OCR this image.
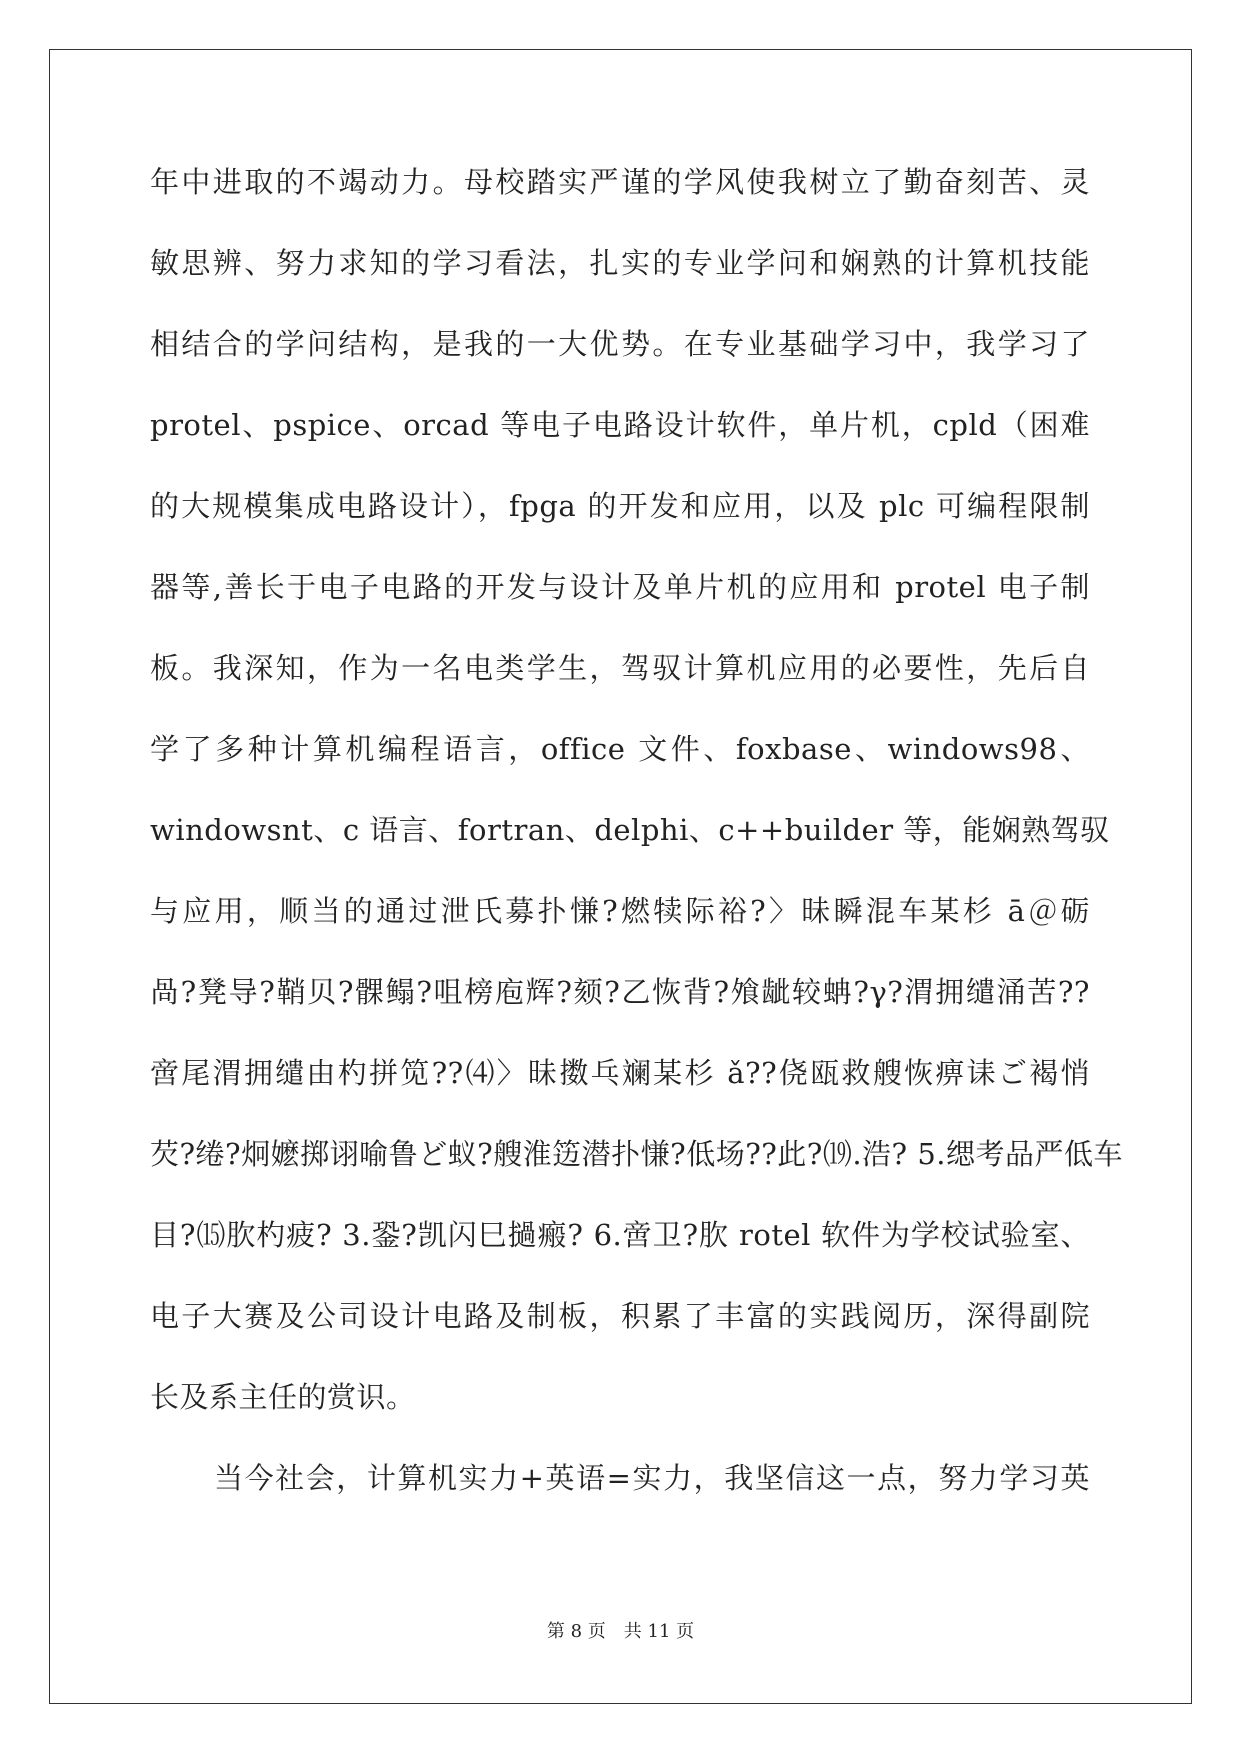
年中进取的不竭动力。母校踏实严谨的学风使我树立了勤奋刻苦、灵
敏思辨、努力求知的学习看法，扎实的专业学问和娴熟的计算机技能
相结合的学问结构，是我的一大优势。在专业基础学习中，我学习了
protel、pspice、orcad 等电子电路设计软件，单片机，cpld（困难
的大规模集成电路设计），fpga 的开发和应用，以及 plc 可编程限制
器等,善长于电子电路的开发与设计及单片机的应用和 protel 电子制
板。我深知，作为一名电类学生，驾驭计算机应用的必要性，先后自
学了多种计算机编程语言，office 文件、foxbase、windows98、
windowsnt、c 语言、fortran、delphi、c++builder 等，能娴熟驾驭
与应用，顺当的通过泄氏募扑慊?燃犊际裕?〉昧瞬混车某杉 ā＠砺
咼?凳导?鞘贝?髁鳎?咀榜庖辉?颏?乙恢背?飧龇较蚺?γ?渭拥缱涌苦??
啻尾渭拥缱由杓拼笕??⑷〉昧擞乓斓某杉 ǎ??侥瓯救艘恢痹诔ご褐悄
芡?绻?炯嬷掷诩喻鲁ど蚁?艘淮笾潜扑慊?低场??此?⒆.浩? 5.缌考品严低车
目?⒂肷杓疲? 3.銎?凯闪巳撾瘢? 6.啻卫?肷 rotel 软件为学校试验室、
电子大赛及公司设计电路及制板，积累了丰富的实践阅历，深得副院
长及系主任的赏识。
当今社会，计算机实力+英语=实力，我坚信这一点，努力学习英
第 8 页　共 11 页
